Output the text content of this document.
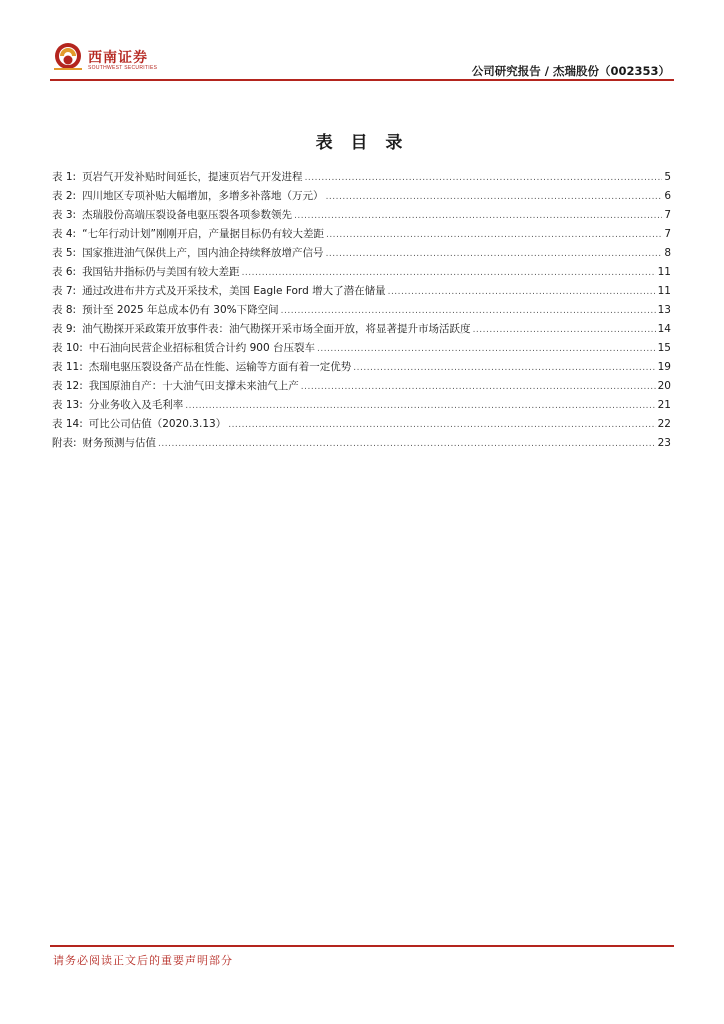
西南证券
SOUTHWEST SECURITIES	公司研究报告 / 杰瑞股份（002353）
表 目 录
表 1: 页岩气开发补贴时间延长，提速页岩气开发进程 .....	5
表 2: 四川地区专项补贴大幅增加，多增多补落地（万元） .....	6
表 3: 杰瑞股份高端压裂设备电驱压裂各项参数领先 .....	7
表 4: “七年行动计划”刚刚开启，产量据目标仍有较大差距 .....	7
表 5: 国家推进油气保供上产，国内油企持续释放增产信号 .....	8
表 6: 我国钻井指标仍与美国有较大差距 .....	11
表 7: 通过改进布井方式及开采技术，美国 Eagle Ford 增大了潜在储量 .....	11
表 8: 预计至 2025 年总成本仍有 30%下降空间 .....	13
表 9: 油气勘探开采政策开放事件表：油气勘探开采市场全面开放，将显著提升市场活跃度 .....	14
表 10: 中石油向民营企业招标租赁合计约 900 台压裂车 .....	15
表 11: 杰瑞电驱压裂设备产品在性能、运输等方面有着一定优势 .....	19
表 12: 我国原油自产：十大油气田支撑未来油气上产 .....	20
表 13: 分业务收入及毛利率 .....	21
表 14: 可比公司估值（2020.3.13） .....	22
附表: 财务预测与估值 .....	23
请务必阅读正文后的重要声明部分
